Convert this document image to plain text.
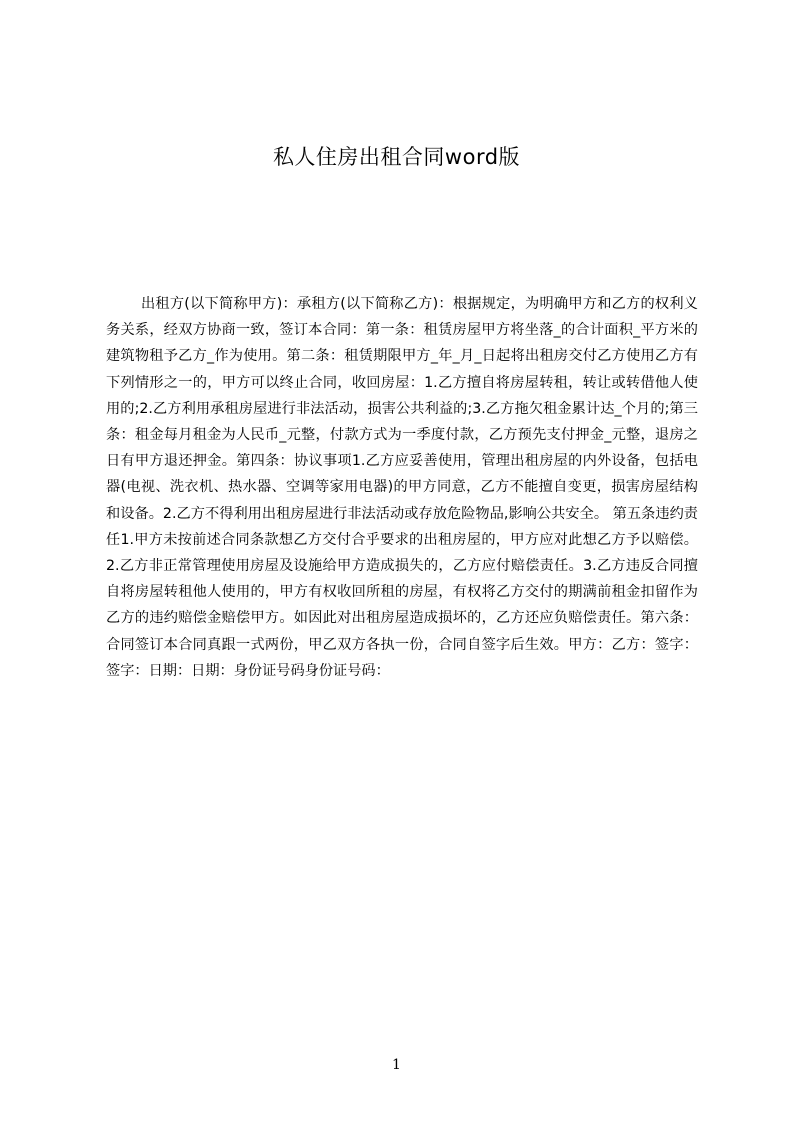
私人住房出租合同word版

出租方(以下简称甲方)：承租方(以下简称乙方)：根据规定，为明确甲方和乙方的权利义务关系，经双方协商一致，签订本合同：第一条：租赁房屋甲方将坐落_的合计面积_平方米的建筑物租予乙方_作为使用。第二条：租赁期限甲方_年_月_日起将出租房交付乙方使用乙方有下列情形之一的，甲方可以终止合同，收回房屋：1.乙方擅自将房屋转租，转让或转借他人使用的;2.乙方利用承租房屋进行非法活动，损害公共利益的;3.乙方拖欠租金累计达_个月的;第三条：租金每月租金为人民币_元整，付款方式为一季度付款，乙方预先支付押金_元整，退房之日有甲方退还押金。第四条：协议事项1.乙方应妥善使用，管理出租房屋的内外设备，包括电器(电视、洗衣机、热水器、空调等家用电器)的甲方同意，乙方不能擅自变更，损害房屋结构和设备。2.乙方不得利用出租房屋进行非法活动或存放危险物品,影响公共安全。 第五条违约责任1.甲方未按前述合同条款想乙方交付合乎要求的出租房屋的，甲方应对此想乙方予以赔偿。2.乙方非正常管理使用房屋及设施给甲方造成损失的，乙方应付赔偿责任。3.乙方违反合同擅自将房屋转租他人使用的，甲方有权收回所租的房屋，有权将乙方交付的期满前租金扣留作为乙方的违约赔偿金赔偿甲方。如因此对出租房屋造成损坏的，乙方还应负赔偿责任。第六条：合同签订本合同真跟一式两份，甲乙双方各执一份，合同自签字后生效。甲方：乙方：签字：签字：日期：日期：身份证号码身份证号码：

1
